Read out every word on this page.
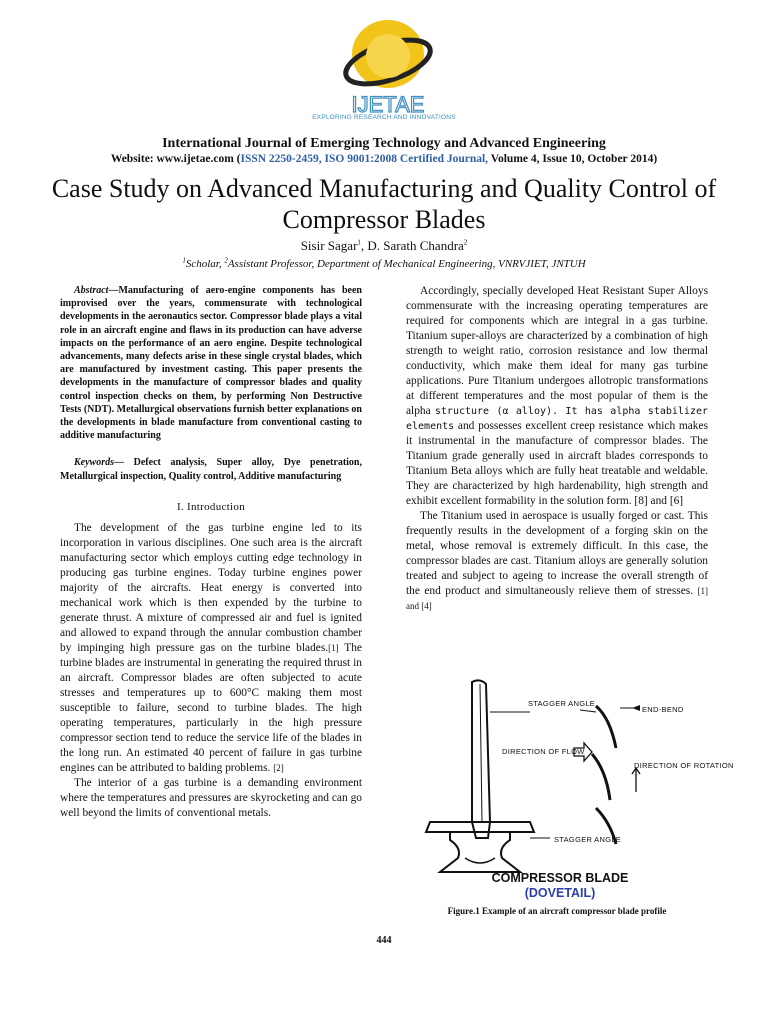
IJETAE
EXPLORING RESEARCH AND INNOVATIONS
International Journal of Emerging Technology and Advanced Engineering
Website: www.ijetae.com (ISSN 2250-2459, ISO 9001:2008 Certified Journal, Volume 4, Issue 10, October 2014)
Case Study on Advanced Manufacturing and Quality Control of Compressor Blades
Sisir Sagar$^1$, D. Sarath Chandra$^2$
$^1$Scholar, $^2$Assistant Professor, Department of Mechanical Engineering, VNRVJIET, JNTUH

Abstract—Manufacturing of aero-engine components has been improvised over the years, commensurate with technological developments in the aeronautics sector. Compressor blade plays a vital role in an aircraft engine and flaws in its production can have adverse impacts on the performance of an aero engine. Despite technological advancements, many defects arise in these single crystal blades, which are manufactured by investment casting. This paper presents the developments in the manufacture of compressor blades and quality control inspection checks on them, by performing Non Destructive Tests (NDT). Metallurgical observations furnish better explanations on the developments in blade manufacture from conventional casting to additive manufacturing

Keywords— Defect analysis, Super alloy, Dye penetration, Metallurgical inspection, Quality control, Additive manufacturing

I. Introduction

The development of the gas turbine engine led to its incorporation in various disciplines. One such area is the aircraft manufacturing sector which employs cutting edge technology in producing gas turbine engines. Today turbine engines power majority of the aircrafts. Heat energy is converted into mechanical work which is then expended by the turbine to generate thrust. A mixture of compressed air and fuel is ignited and allowed to expand through the annular combustion chamber by impinging high pressure gas on the turbine blades.[1] The turbine blades are instrumental in generating the required thrust in an aircraft. Compressor blades are often subjected to acute stresses and temperatures up to 600°C making them most susceptible to failure, second to turbine blades. The high operating temperatures, particularly in the high pressure compressor section tend to reduce the service life of the blades in the long run. An estimated 40 percent of failure in gas turbine engines can be attributed to balding problems. [2]

The interior of a gas turbine is a demanding environment where the temperatures and pressures are skyrocketing and can go well beyond the limits of conventional metals.

Accordingly, specially developed Heat Resistant Super Alloys commensurate with the increasing operating temperatures are required for components which are integral in a gas turbine. Titanium super-alloys are characterized by a combination of high strength to weight ratio, corrosion resistance and low thermal conductivity, which make them ideal for many gas turbine applications. Pure Titanium undergoes allotropic transformations at different temperatures and the most popular of them is the alpha structure (α alloy). It has alpha stabilizer elements and possesses excellent creep resistance which makes it instrumental in the manufacture of compressor blades. The Titanium grade generally used in aircraft blades corresponds to Titanium Beta alloys which are fully heat treatable and weldable. They are characterized by high hardenability, high strength and exhibit excellent formability in the solution form. [8] and [6]

The Titanium used in aerospace is usually forged or cast. This frequently results in the development of a forging skin on the metal, whose removal is extremely difficult. In this case, the compressor blades are cast. Titanium alloys are generally solution treated and subject to ageing to increase the overall strength of the end product and simultaneously relieve them of stresses. [1] and [4]

STAGGER ANGLE
END-BEND
DIRECTION OF FLOW
DIRECTION OF ROTATION
STAGGER ANGLE
COMPRESSOR BLADE
(DOVETAIL)
Figure.1 Example of an aircraft compressor blade profile
444
